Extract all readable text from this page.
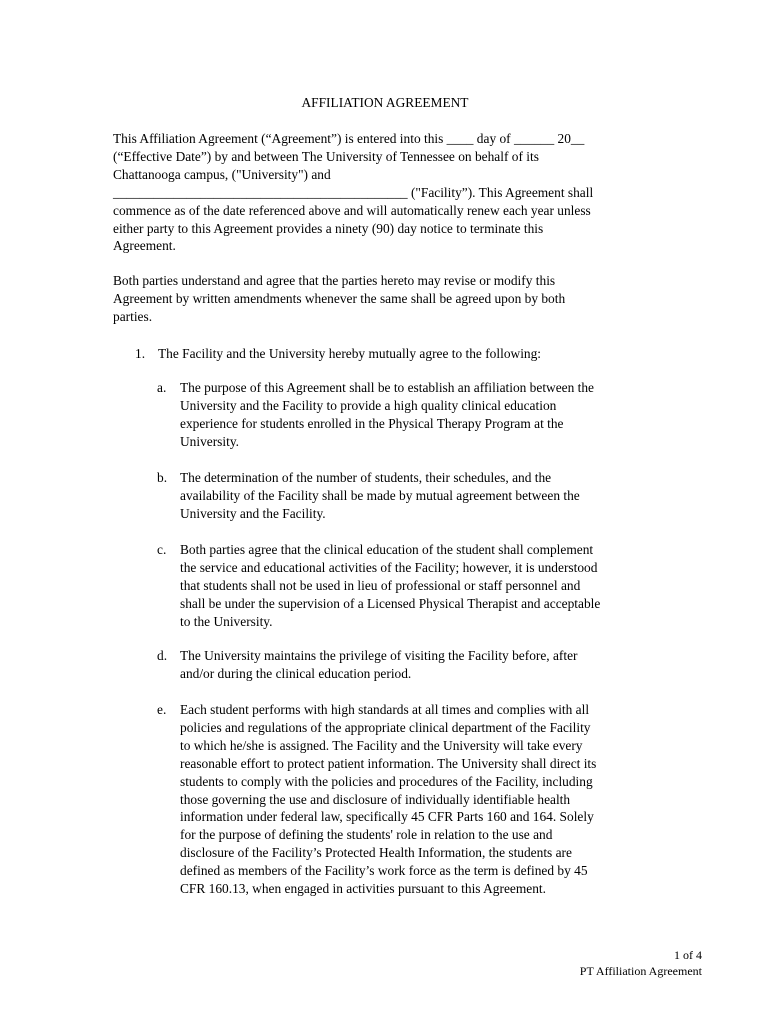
AFFILIATION AGREEMENT

This Affiliation Agreement (“Agreement”) is entered into this ____ day of ______ 20__

(“Effective Date”) by and between The University of Tennessee on behalf of its

Chattanooga campus, ("University") and

____________________________________________ ("Facility”). This Agreement shall

commence as of the date referenced above and will automatically renew each year unless

either party to this Agreement provides a ninety (90) day notice to terminate this

Agreement.

Both parties understand and agree that the parties hereto may revise or modify this

Agreement by written amendments whenever the same shall be agreed upon by both

parties.

1. The Facility and the University hereby mutually agree to the following:
a. The purpose of this Agreement shall be to establish an affiliation between the
University and the Facility to provide a high quality clinical education
experience for students enrolled in the Physical Therapy Program at the
University.
b. The determination of the number of students, their schedules, and the
availability of the Facility shall be made by mutual agreement between the
University and the Facility.
c. Both parties agree that the clinical education of the student shall complement
the service and educational activities of the Facility; however, it is understood
that students shall not be used in lieu of professional or staff personnel and
shall be under the supervision of a Licensed Physical Therapist and acceptable
to the University.
d. The University maintains the privilege of visiting the Facility before, after
and/or during the clinical education period.
e. Each student performs with high standards at all times and complies with all
policies and regulations of the appropriate clinical department of the Facility
to which he/she is assigned. The Facility and the University will take every
reasonable effort to protect patient information. The University shall direct its
students to comply with the policies and procedures of the Facility, including
those governing the use and disclosure of individually identifiable health
information under federal law, specifically 45 CFR Parts 160 and 164. Solely
for the purpose of defining the students' role in relation to the use and
disclosure of the Facility’s Protected Health Information, the students are
defined as members of the Facility’s work force as the term is defined by 45
CFR 160.13, when engaged in activities pursuant to this Agreement.
1 of 4
PT Affiliation Agreement
